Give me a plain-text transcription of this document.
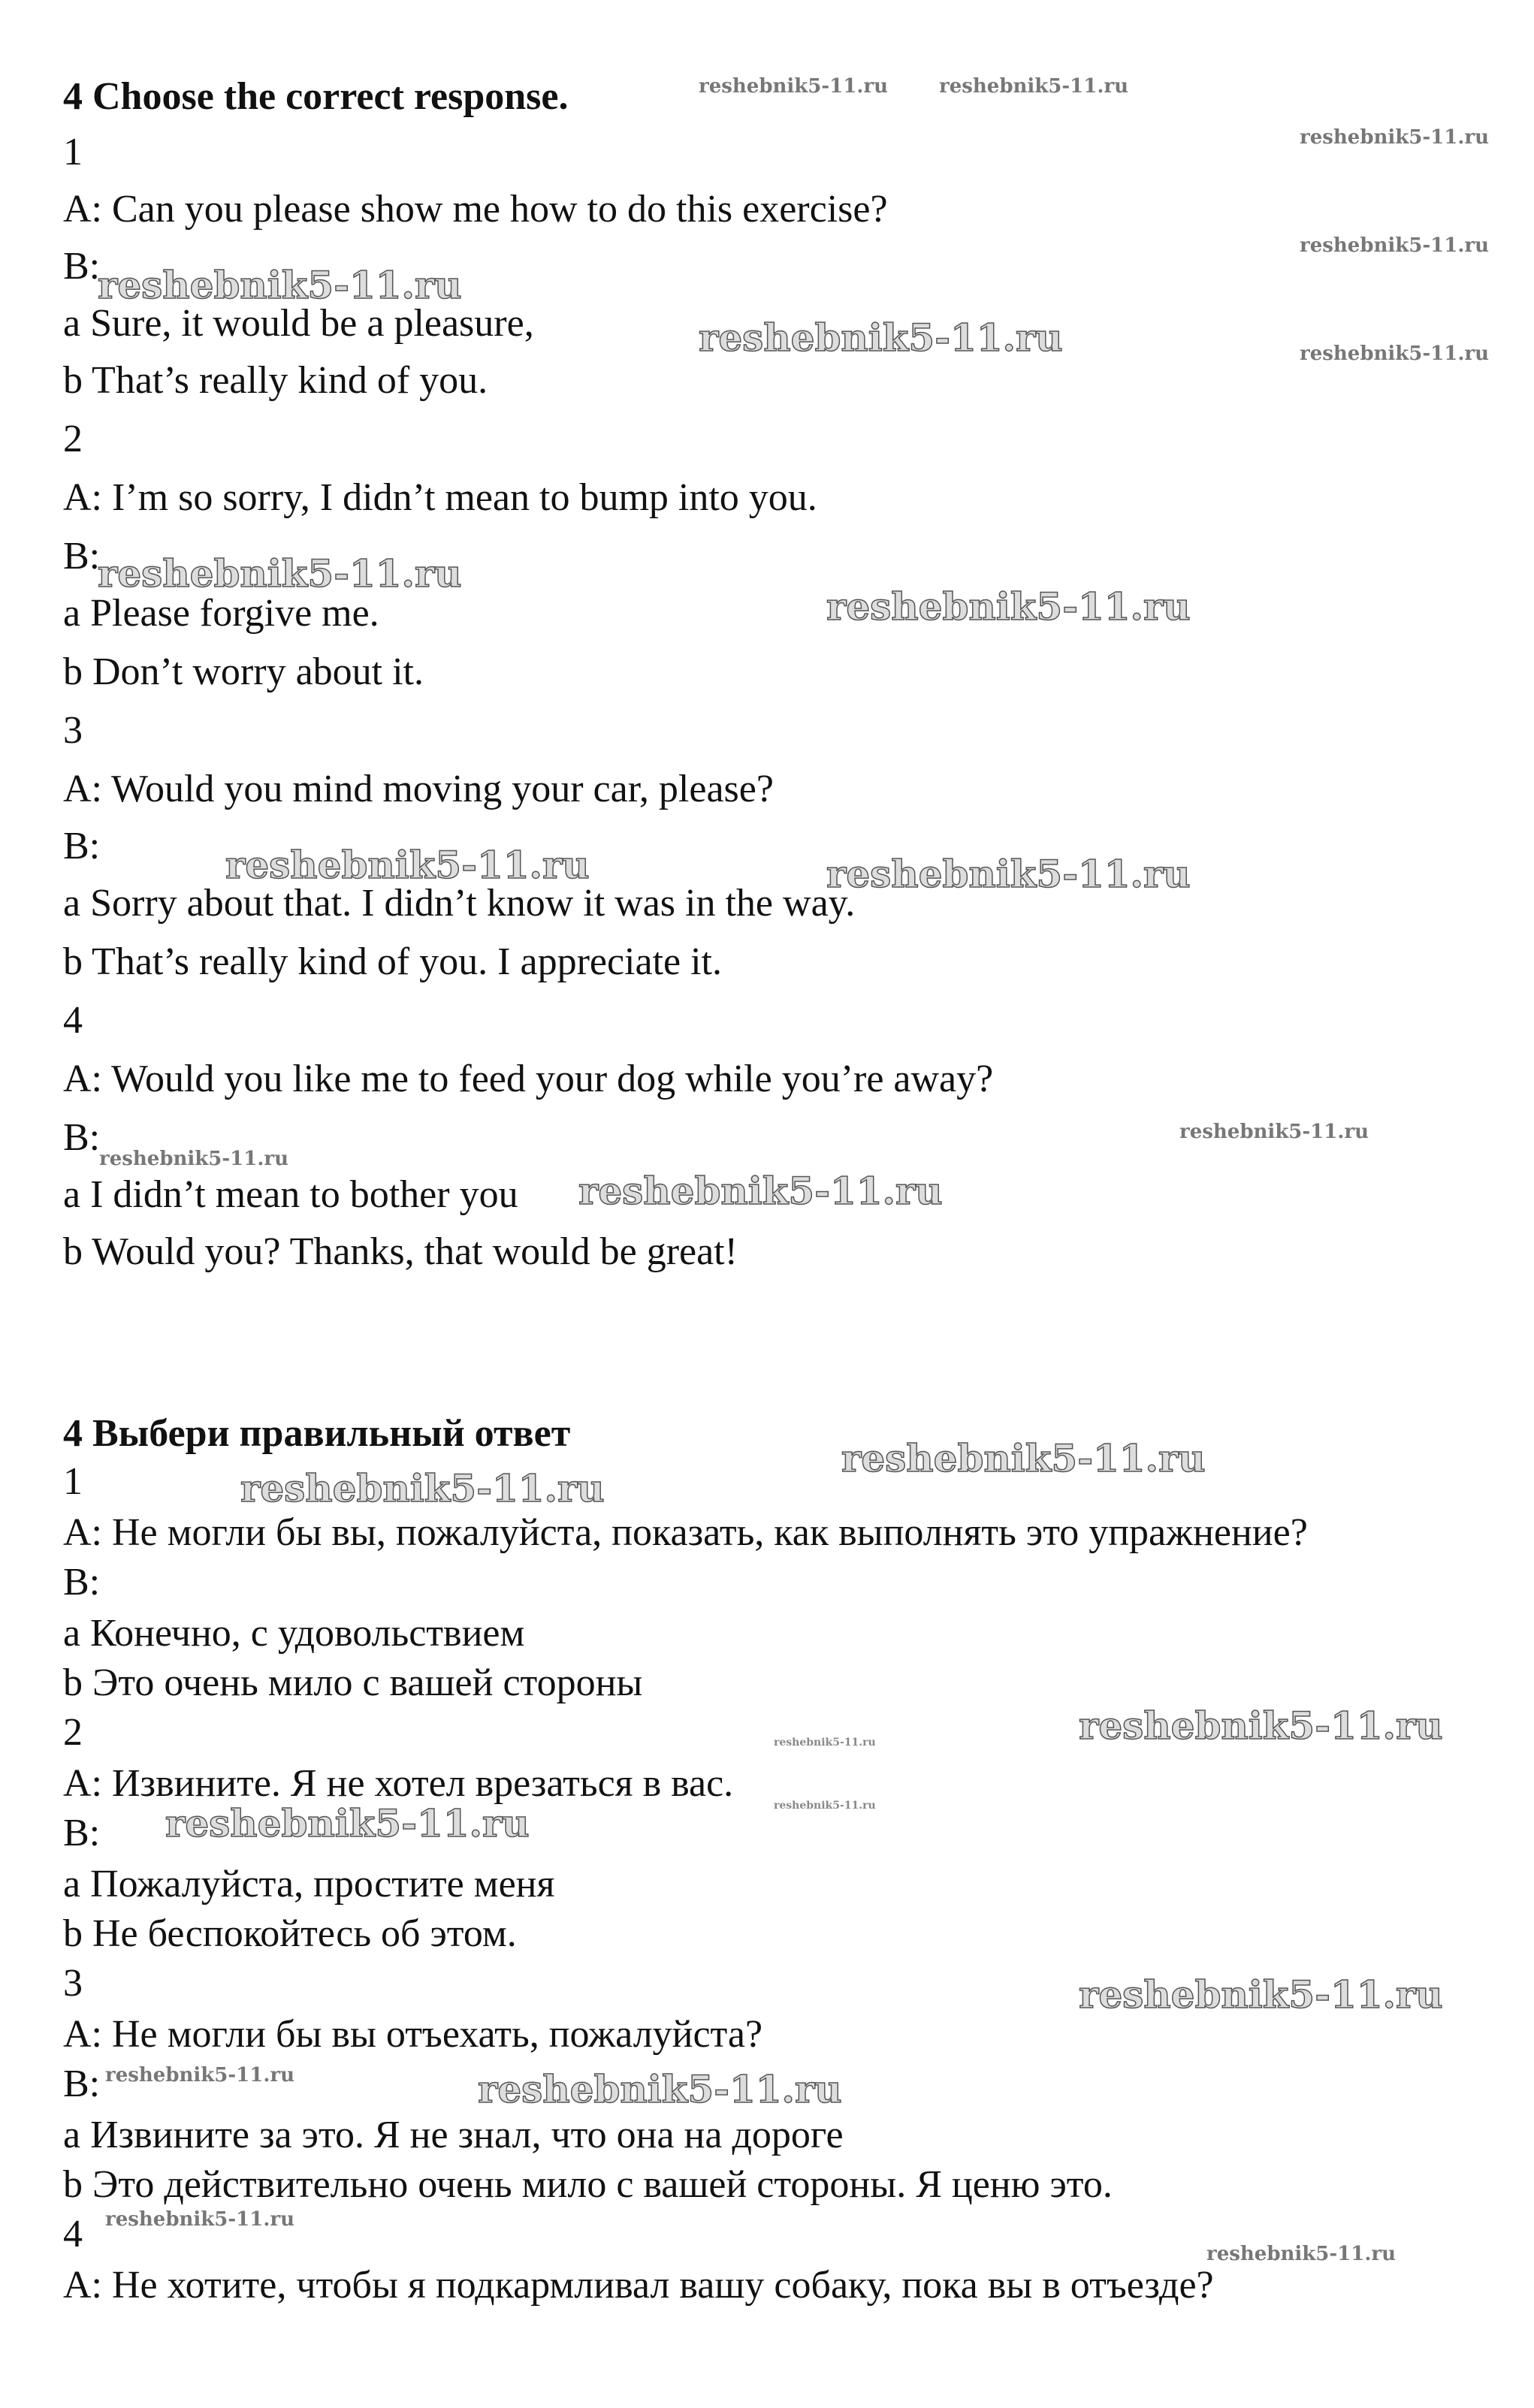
4 Choose the correct response.
1
A: Can you please show me how to do this exercise?
B:
a Sure, it would be a pleasure,
b That’s really kind of you.
2
A: I’m so sorry, I didn’t mean to bump into you.
B:
a Please forgive me.
b Don’t worry about it.
3
A: Would you mind moving your car, please?
B:
a Sorry about that. I didn’t know it was in the way.
b That’s really kind of you. I appreciate it.
4
A: Would you like me to feed your dog while you’re away?
B:
a I didn’t mean to bother you
b Would you? Thanks, that would be great!
4 Выбери правильный ответ
1
A: Не могли бы вы, пожалуйста, показать, как выполнять это упражнение?
B:
a Конечно, с удовольствием
b Это очень мило с вашей стороны
2
A: Извините. Я не хотел врезаться в вас.
B:
a Пожалуйста, простите меня
b Не беспокойтесь об этом.
3
A: Не могли бы вы отъехать, пожалуйста?
B:
a Извините за это. Я не знал, что она на дороге
b Это действительно очень мило с вашей стороны. Я ценю это.
4
A: Не хотите, чтобы я подкармливал вашу собаку, пока вы в отъезде?
reshebnik5-11.ru	reshebnik5-11.ru
reshebnik5-11.ru
reshebnik5-11.ru
reshebnik5-11.ru
reshebnik5-11.ru
reshebnik5-11.ru
reshebnik5-11.ru
reshebnik5-11.ru
reshebnik5-11.ru	reshebnik5-11.ru
reshebnik5-11.ru
reshebnik5-11.ru
reshebnik5-11.ru
reshebnik5-11.ru
reshebnik5-11.ru
reshebnik5-11.ru	reshebnik5-11.ru
reshebnik5-11.ru
reshebnik5-11.ru
reshebnik5-11.ru
reshebnik5-11.ru	reshebnik5-11.ru
reshebnik5-11.ru
reshebnik5-11.ru
